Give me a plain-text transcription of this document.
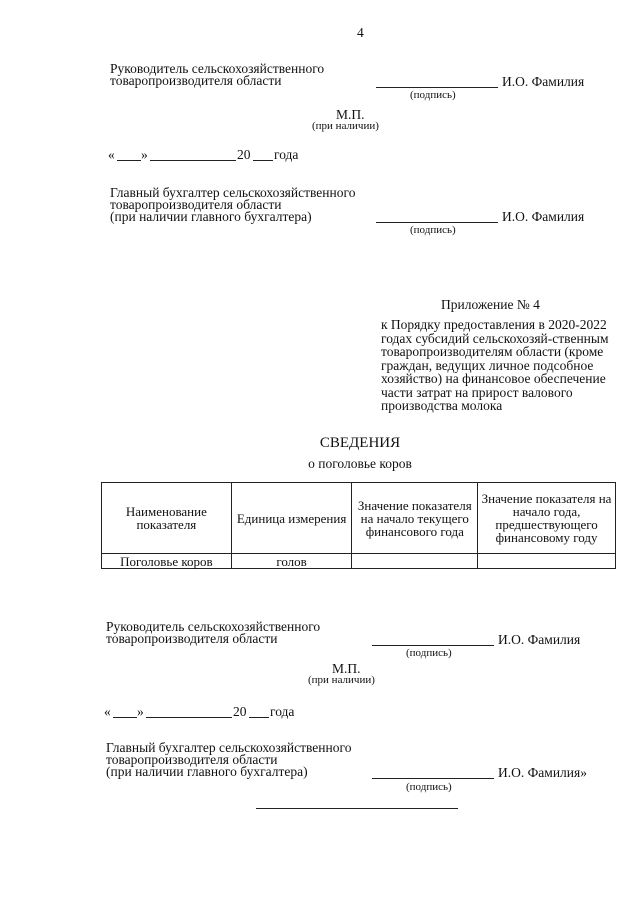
4
Руководитель сельскохозяйственного
товаропроизводителя области	И.О. Фамилия
(подпись)
М.П.
(при наличии)
« »	20 года
Главный бухгалтер сельскохозяйственного
товаропроизводителя области
(при наличии главного бухгалтера)	И.О. Фамилия
(подпись)
Приложение № 4
к Порядку предоставления в 2020-2022 годах субсидий сельскохозяй-ственным товаропроизводителям области (кроме граждан, ведущих личное подсобное хозяйство) на финансовое обеспечение части затрат на прирост валового производства молока
СВЕДЕНИЯ
о поголовье коров
Наименование показателя	Единица измерения	Значение показателя на начало текущего финансового года	Значение показателя на начало года, предшествующего финансовому году
Поголовье коров	голов		
Руководитель сельскохозяйственного
товаропроизводителя области	И.О. Фамилия
(подпись)
М.П.
(при наличии)
« »	20 года
Главный бухгалтер сельскохозяйственного
товаропроизводителя области
(при наличии главного бухгалтера)	И.О. Фамилия»
(подпись)
